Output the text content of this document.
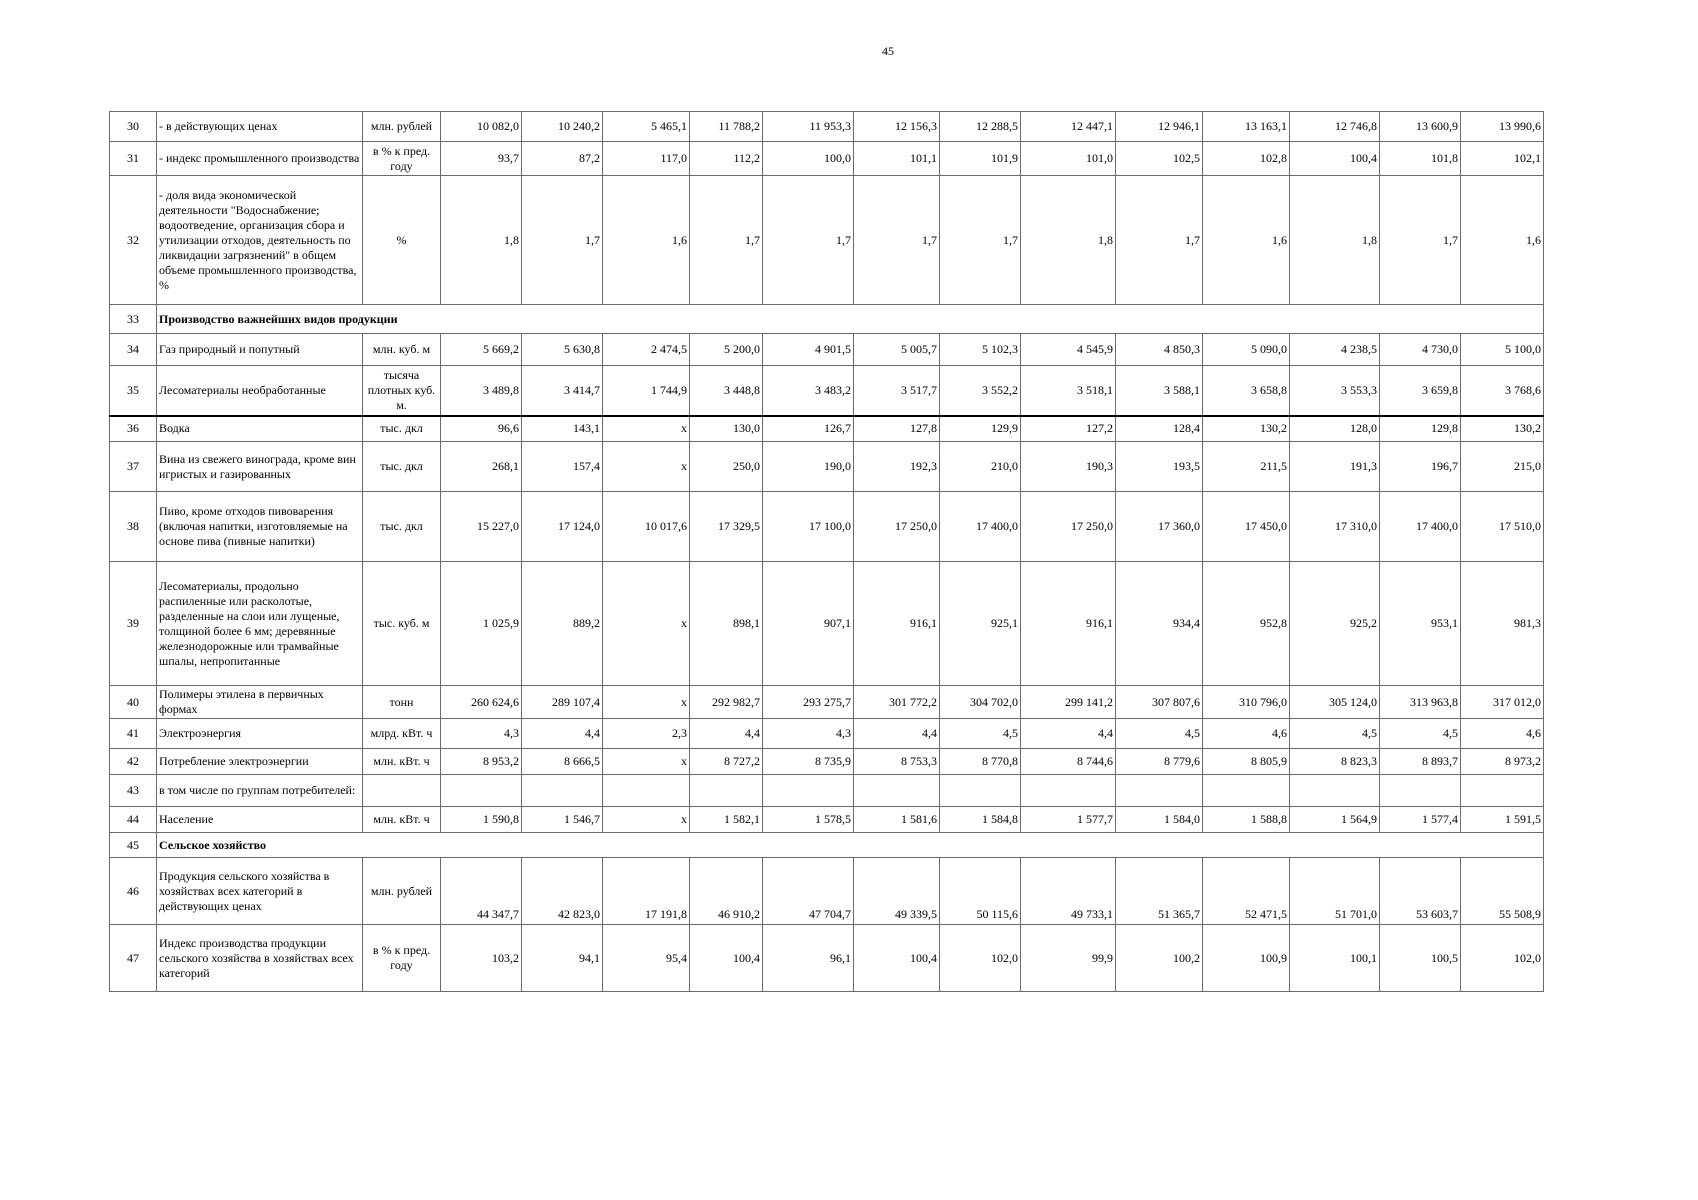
45
30	- в действующих ценах	млн. рублей	10 082,0	10 240,2	5 465,1	11 788,2	11 953,3	12 156,3	12 288,5	12 447,1	12 946,1	13 163,1	12 746,8	13 600,9	13 990,6
31	- индекс промышленного производства	в % к пред. году	93,7	87,2	117,0	112,2	100,0	101,1	101,9	101,0	102,5	102,8	100,4	101,8	102,1
32	- доля вида экономической деятельности "Водоснабжение; водоотведение, организация сбора и утилизации отходов, деятельность по ликвидации загрязнений" в общем объеме промышленного производства, %	%	1,8	1,7	1,6	1,7	1,7	1,7	1,7	1,8	1,7	1,6	1,8	1,7	1,6
33	Производство важнейших видов продукции														
34	Газ природный и попутный	млн. куб. м	5 669,2	5 630,8	2 474,5	5 200,0	4 901,5	5 005,7	5 102,3	4 545,9	4 850,3	5 090,0	4 238,5	4 730,0	5 100,0
35	Лесоматериалы необработанные	тысяча плотных куб. м.	3 489,8	3 414,7	1 744,9	3 448,8	3 483,2	3 517,7	3 552,2	3 518,1	3 588,1	3 658,8	3 553,3	3 659,8	3 768,6
36	Водка	тыс. дкл	96,6	143,1	х	130,0	126,7	127,8	129,9	127,2	128,4	130,2	128,0	129,8	130,2
37	Вина из свежего винограда, кроме вин игристых и газированных	тыс. дкл	268,1	157,4	х	250,0	190,0	192,3	210,0	190,3	193,5	211,5	191,3	196,7	215,0
38	Пиво, кроме отходов пивоварения (включая напитки, изготовляемые на основе пива (пивные напитки)	тыс. дкл	15 227,0	17 124,0	10 017,6	17 329,5	17 100,0	17 250,0	17 400,0	17 250,0	17 360,0	17 450,0	17 310,0	17 400,0	17 510,0
39	Лесоматериалы, продольно распиленные или расколотые, разделенные на слои или лущеные, толщиной более 6 мм; деревянные железнодорожные или трамвайные шпалы, непропитанные	тыс. куб. м	1 025,9	889,2	х	898,1	907,1	916,1	925,1	916,1	934,4	952,8	925,2	953,1	981,3
40	Полимеры этилена в первичных формах	тонн	260 624,6	289 107,4	х	292 982,7	293 275,7	301 772,2	304 702,0	299 141,2	307 807,6	310 796,0	305 124,0	313 963,8	317 012,0
41	Электроэнергия	млрд. кВт. ч	4,3	4,4	2,3	4,4	4,3	4,4	4,5	4,4	4,5	4,6	4,5	4,5	4,6
42	Потребление электроэнергии	млн. кВт. ч	8 953,2	8 666,5	х	8 727,2	8 735,9	8 753,3	8 770,8	8 744,6	8 779,6	8 805,9	8 823,3	8 893,7	8 973,2
43	в том числе по группам потребителей:														
44	Население	млн. кВт. ч	1 590,8	1 546,7	х	1 582,1	1 578,5	1 581,6	1 584,8	1 577,7	1 584,0	1 588,8	1 564,9	1 577,4	1 591,5
45	Сельское хозяйство														
46	Продукция сельского хозяйства в хозяйствах всех категорий в действующих ценах	млн. рублей	44 347,7	42 823,0	17 191,8	46 910,2	47 704,7	49 339,5	50 115,6	49 733,1	51 365,7	52 471,5	51 701,0	53 603,7	55 508,9
47	Индекс производства продукции сельского хозяйства в хозяйствах всех категорий	в % к пред. году	103,2	94,1	95,4	100,4	96,1	100,4	102,0	99,9	100,2	100,9	100,1	100,5	102,0
